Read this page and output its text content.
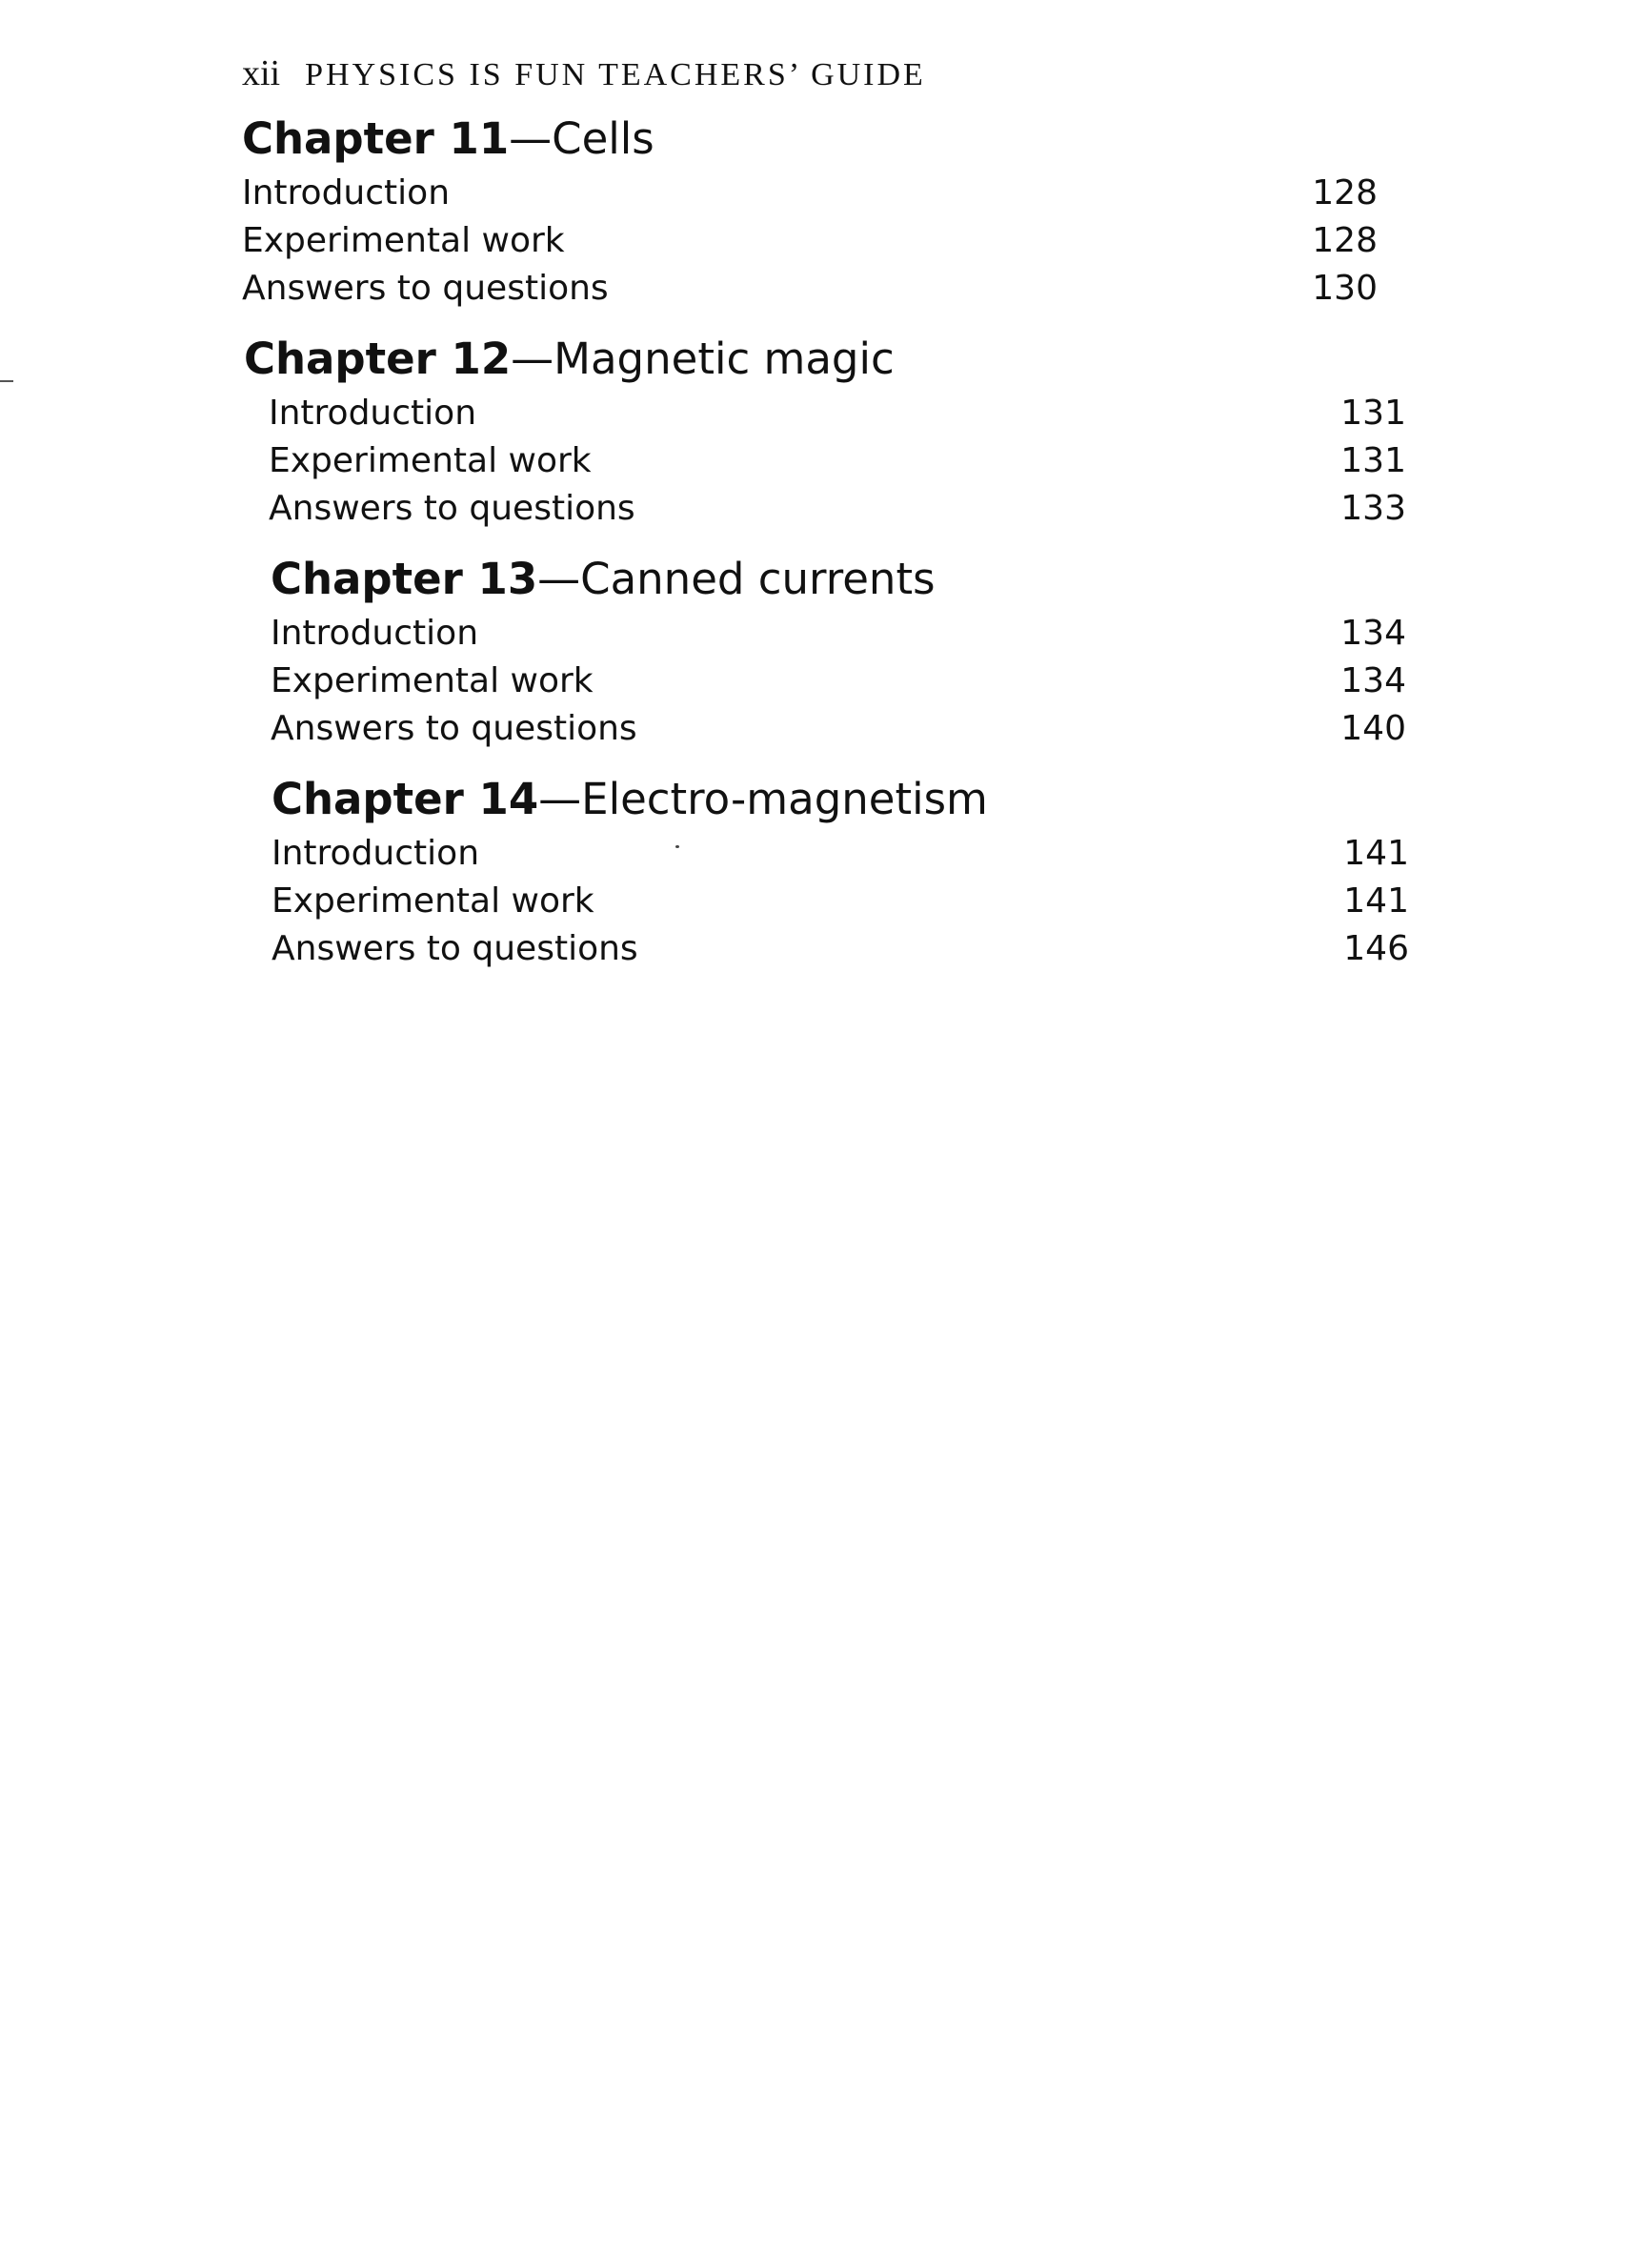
xii PHYSICS IS FUN TEACHERS’ GUIDE
Chapter 11—Cells
Introduction	128
Experimental work	128
Answers to questions	130
Chapter 12—Magnetic magic
Introduction	131
Experimental work	131
Answers to questions	133
Chapter 13—Canned currents
Introduction	134
Experimental work	134
Answers to questions	140
Chapter 14—Electro-magnetism
Introduction	141
Experimental work	141
Answers to questions	146
